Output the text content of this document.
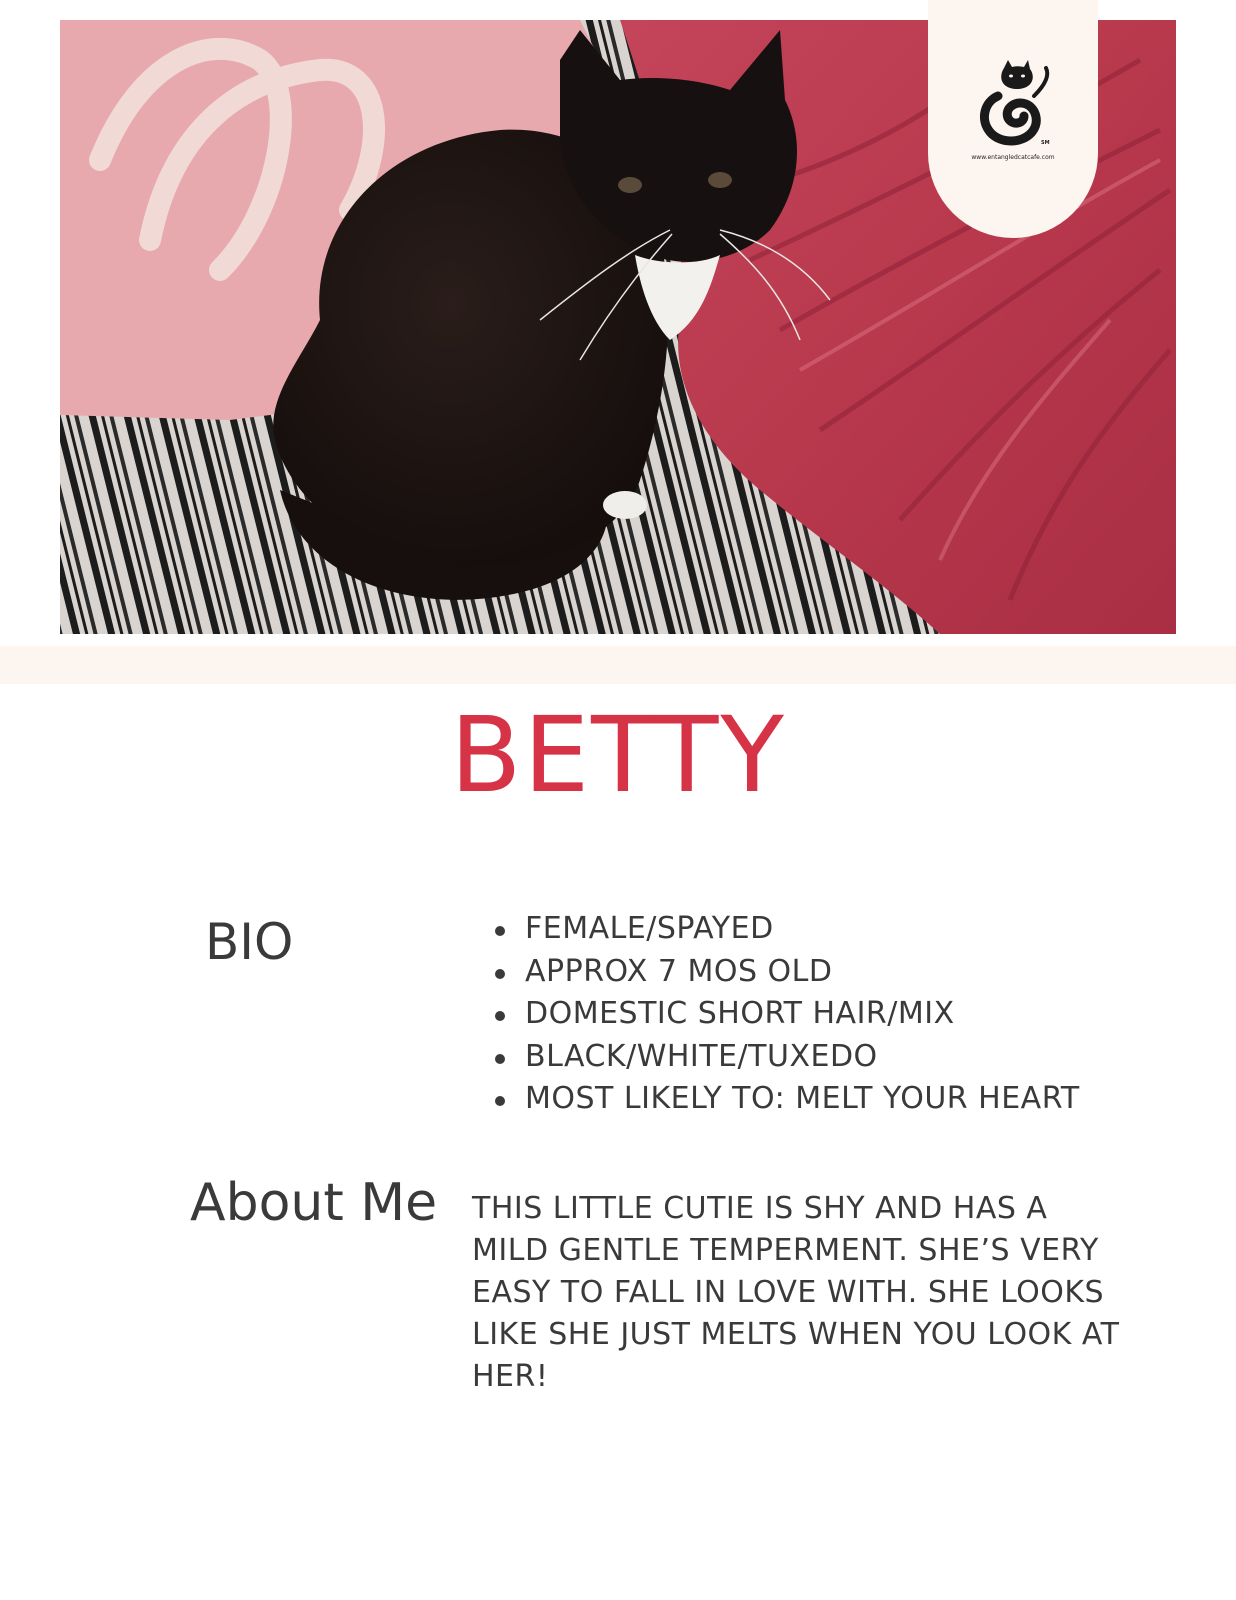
SM
www.entangledcatcafe.com
BETTY
BIO	FEMALE/SPAYED
APPROX 7 MOS OLD
DOMESTIC SHORT HAIR/MIX
BLACK/WHITE/TUXEDO
MOST LIKELY TO: MELT YOUR HEART
About Me THIS LITTLE CUTIE IS SHY AND HAS A MILD GENTLE TEMPERMENT. SHE’S VERY EASY TO FALL IN LOVE WITH. SHE LOOKS LIKE SHE JUST MELTS WHEN YOU LOOK AT HER!
